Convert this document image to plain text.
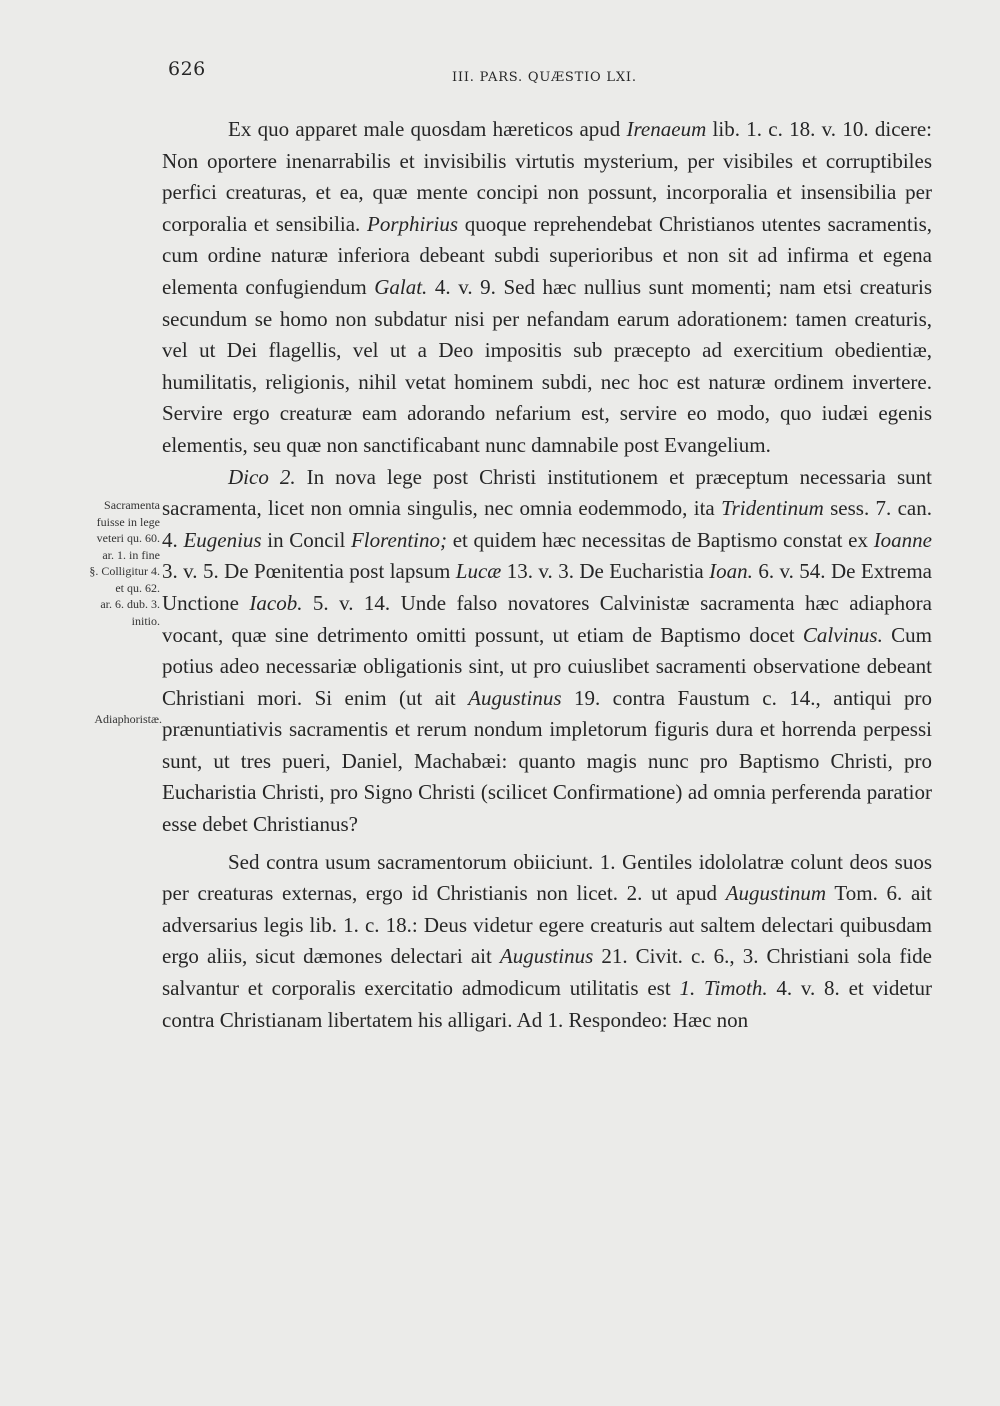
626	III. PARS. QUÆSTIO LXI.
Sacramenta
fuisse in lege
veteri qu. 60.
ar. 1. in fine
§. Colligitur 4.
et qu. 62.
ar. 6. dub. 3.
initio.
Adiaphoristæ.

Ex quo apparet male quosdam hæreticos apud Irenaeum lib. 1. c. 18. v. 10. dicere: Non oportere inenarrabilis et invisibilis virtutis mysterium, per visibiles et corruptibiles perfici creaturas, et ea, quæ mente concipi non possunt, incorporalia et insensibilia per corporalia et sensibilia. Porphirius quoque reprehendebat Christianos utentes sacramentis, cum ordine naturæ inferiora debeant subdi superioribus et non sit ad infirma et egena elementa confugiendum Galat. 4. v. 9. Sed hæc nullius sunt momenti; nam etsi creaturis secundum se homo non subdatur nisi per nefandam earum adorationem: tamen creaturis, vel ut Dei flagellis, vel ut a Deo impositis sub præcepto ad exercitium obedientiæ, humilitatis, religionis, nihil vetat hominem subdi, nec hoc est naturæ ordinem invertere. Servire ergo creaturæ eam adorando nefarium est, servire eo modo, quo iudæi egenis elementis, seu quæ non sanctificabant nunc damnabile post Evangelium.

Dico 2. In nova lege post Christi institutionem et præceptum necessaria sunt sacramenta, licet non omnia singulis, nec omnia eodemmodo, ita Tridentinum sess. 7. can. 4. Eugenius in Concil Florentino; et quidem hæc necessitas de Baptismo constat ex Ioanne 3. v. 5. De Pœnitentia post lapsum Lucæ 13. v. 3. De Eucharistia Ioan. 6. v. 54. De Extrema Unctione Iacob. 5. v. 14. Unde falso novatores Calvinistæ sacramenta hæc adiaphora vocant, quæ sine detrimento omitti possunt, ut etiam de Baptismo docet Calvinus. Cum potius adeo necessariæ obligationis sint, ut pro cuiuslibet sacramenti observatione debeant Christiani mori. Si enim (ut ait Augustinus 19. contra Faustum c. 14., antiqui pro prænuntiativis sacramentis et rerum nondum impletorum figuris dura et horrenda perpessi sunt, ut tres pueri, Daniel, Machabæi: quanto magis nunc pro Baptismo Christi, pro Eucharistia Christi, pro Signo Christi (scilicet Confirmatione) ad omnia perferenda paratior esse debet Christianus?

Sed contra usum sacramentorum obiiciunt. 1. Gentiles idololatræ colunt deos suos per creaturas externas, ergo id Christianis non licet. 2. ut apud Augustinum Tom. 6. ait adversarius legis lib. 1. c. 18.: Deus videtur egere creaturis aut saltem delectari quibusdam ergo aliis, sicut dæmones delectari ait Augustinus 21. Civit. c. 6., 3. Christiani sola fide salvantur et corporalis exercitatio admodicum utilitatis est 1. Timoth. 4. v. 8. et videtur contra Christianam libertatem his alligari. Ad 1. Respondeo: Hæc non
